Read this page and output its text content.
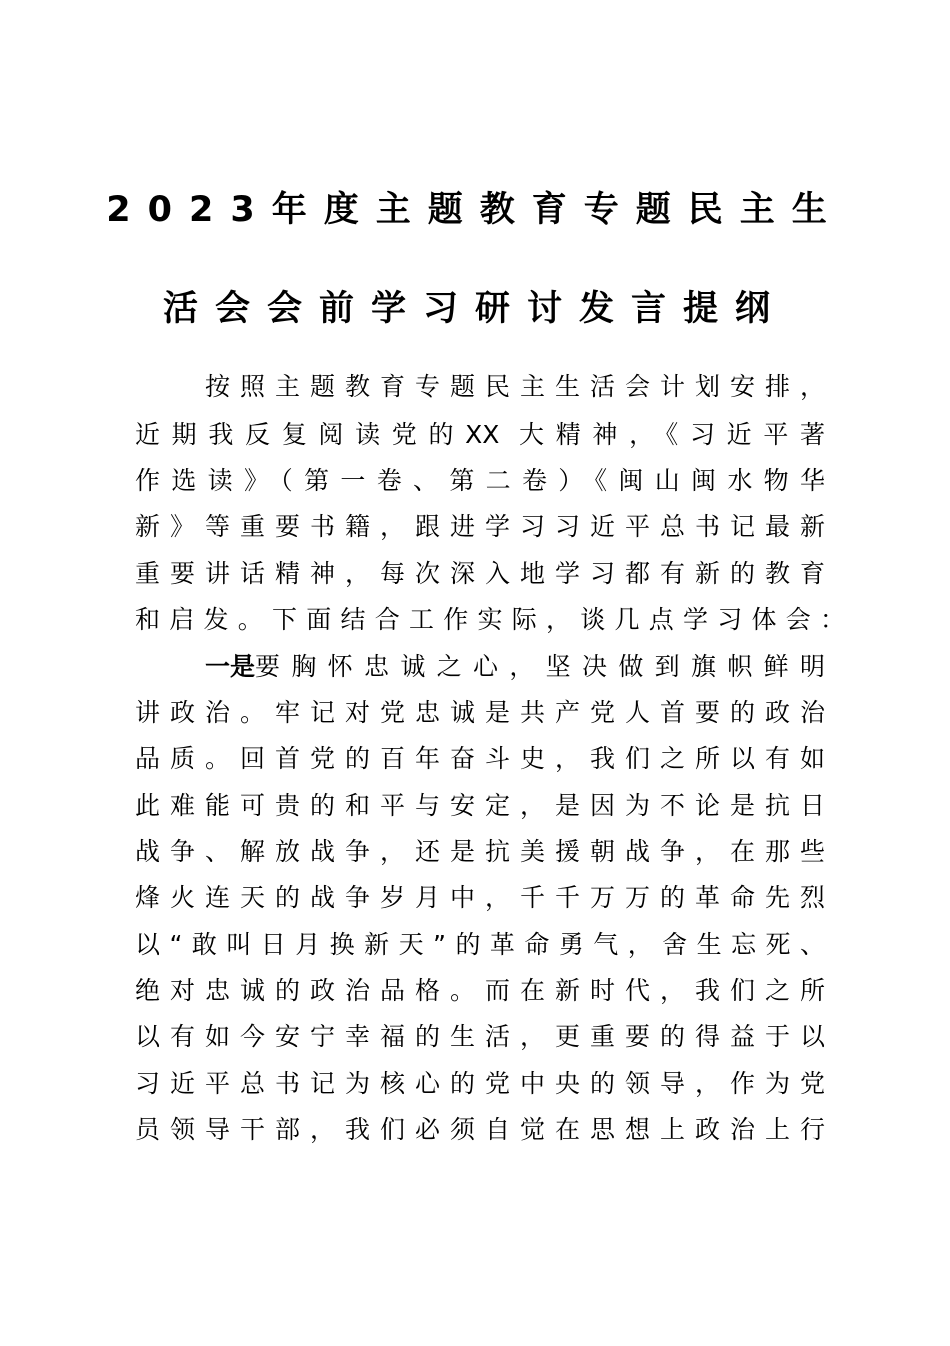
2023年度主题教育专题民主生
活会会前学习研讨发言提纲
按照主题教育专题民主生活会计划安排，
近期我反复阅读党的XX 大精神，《习近平著
作选读》（第一卷、第二卷）《闽山闽水物华
新》等重要书籍，跟进学习习近平总书记最新
重要讲话精神，每次深入地学习都有新的教育
和启发。下面结合工作实际，谈几点学习体会：
一是 要胸怀忠诚之心，坚决做到旗帜鲜明
讲政治。牢记对党忠诚是共产党人首要的政治
品质。回首党的百年奋斗史，我们之所以有如
此难能可贵的和平与安定，是因为不论是抗日
战争、解放战争，还是抗美援朝战争，在那些
烽火连天的战争岁月中，千千万万的革命先烈
以“敢叫日月换新天”的革命勇气，舍生忘死、
绝对忠诚的政治品格。而在新时代，我们之所
以有如今安宁幸福的生活，更重要的得益于以
习近平总书记为核心的党中央的领导，作为党
员领导干部，我们必须自觉在思想上政治上行
